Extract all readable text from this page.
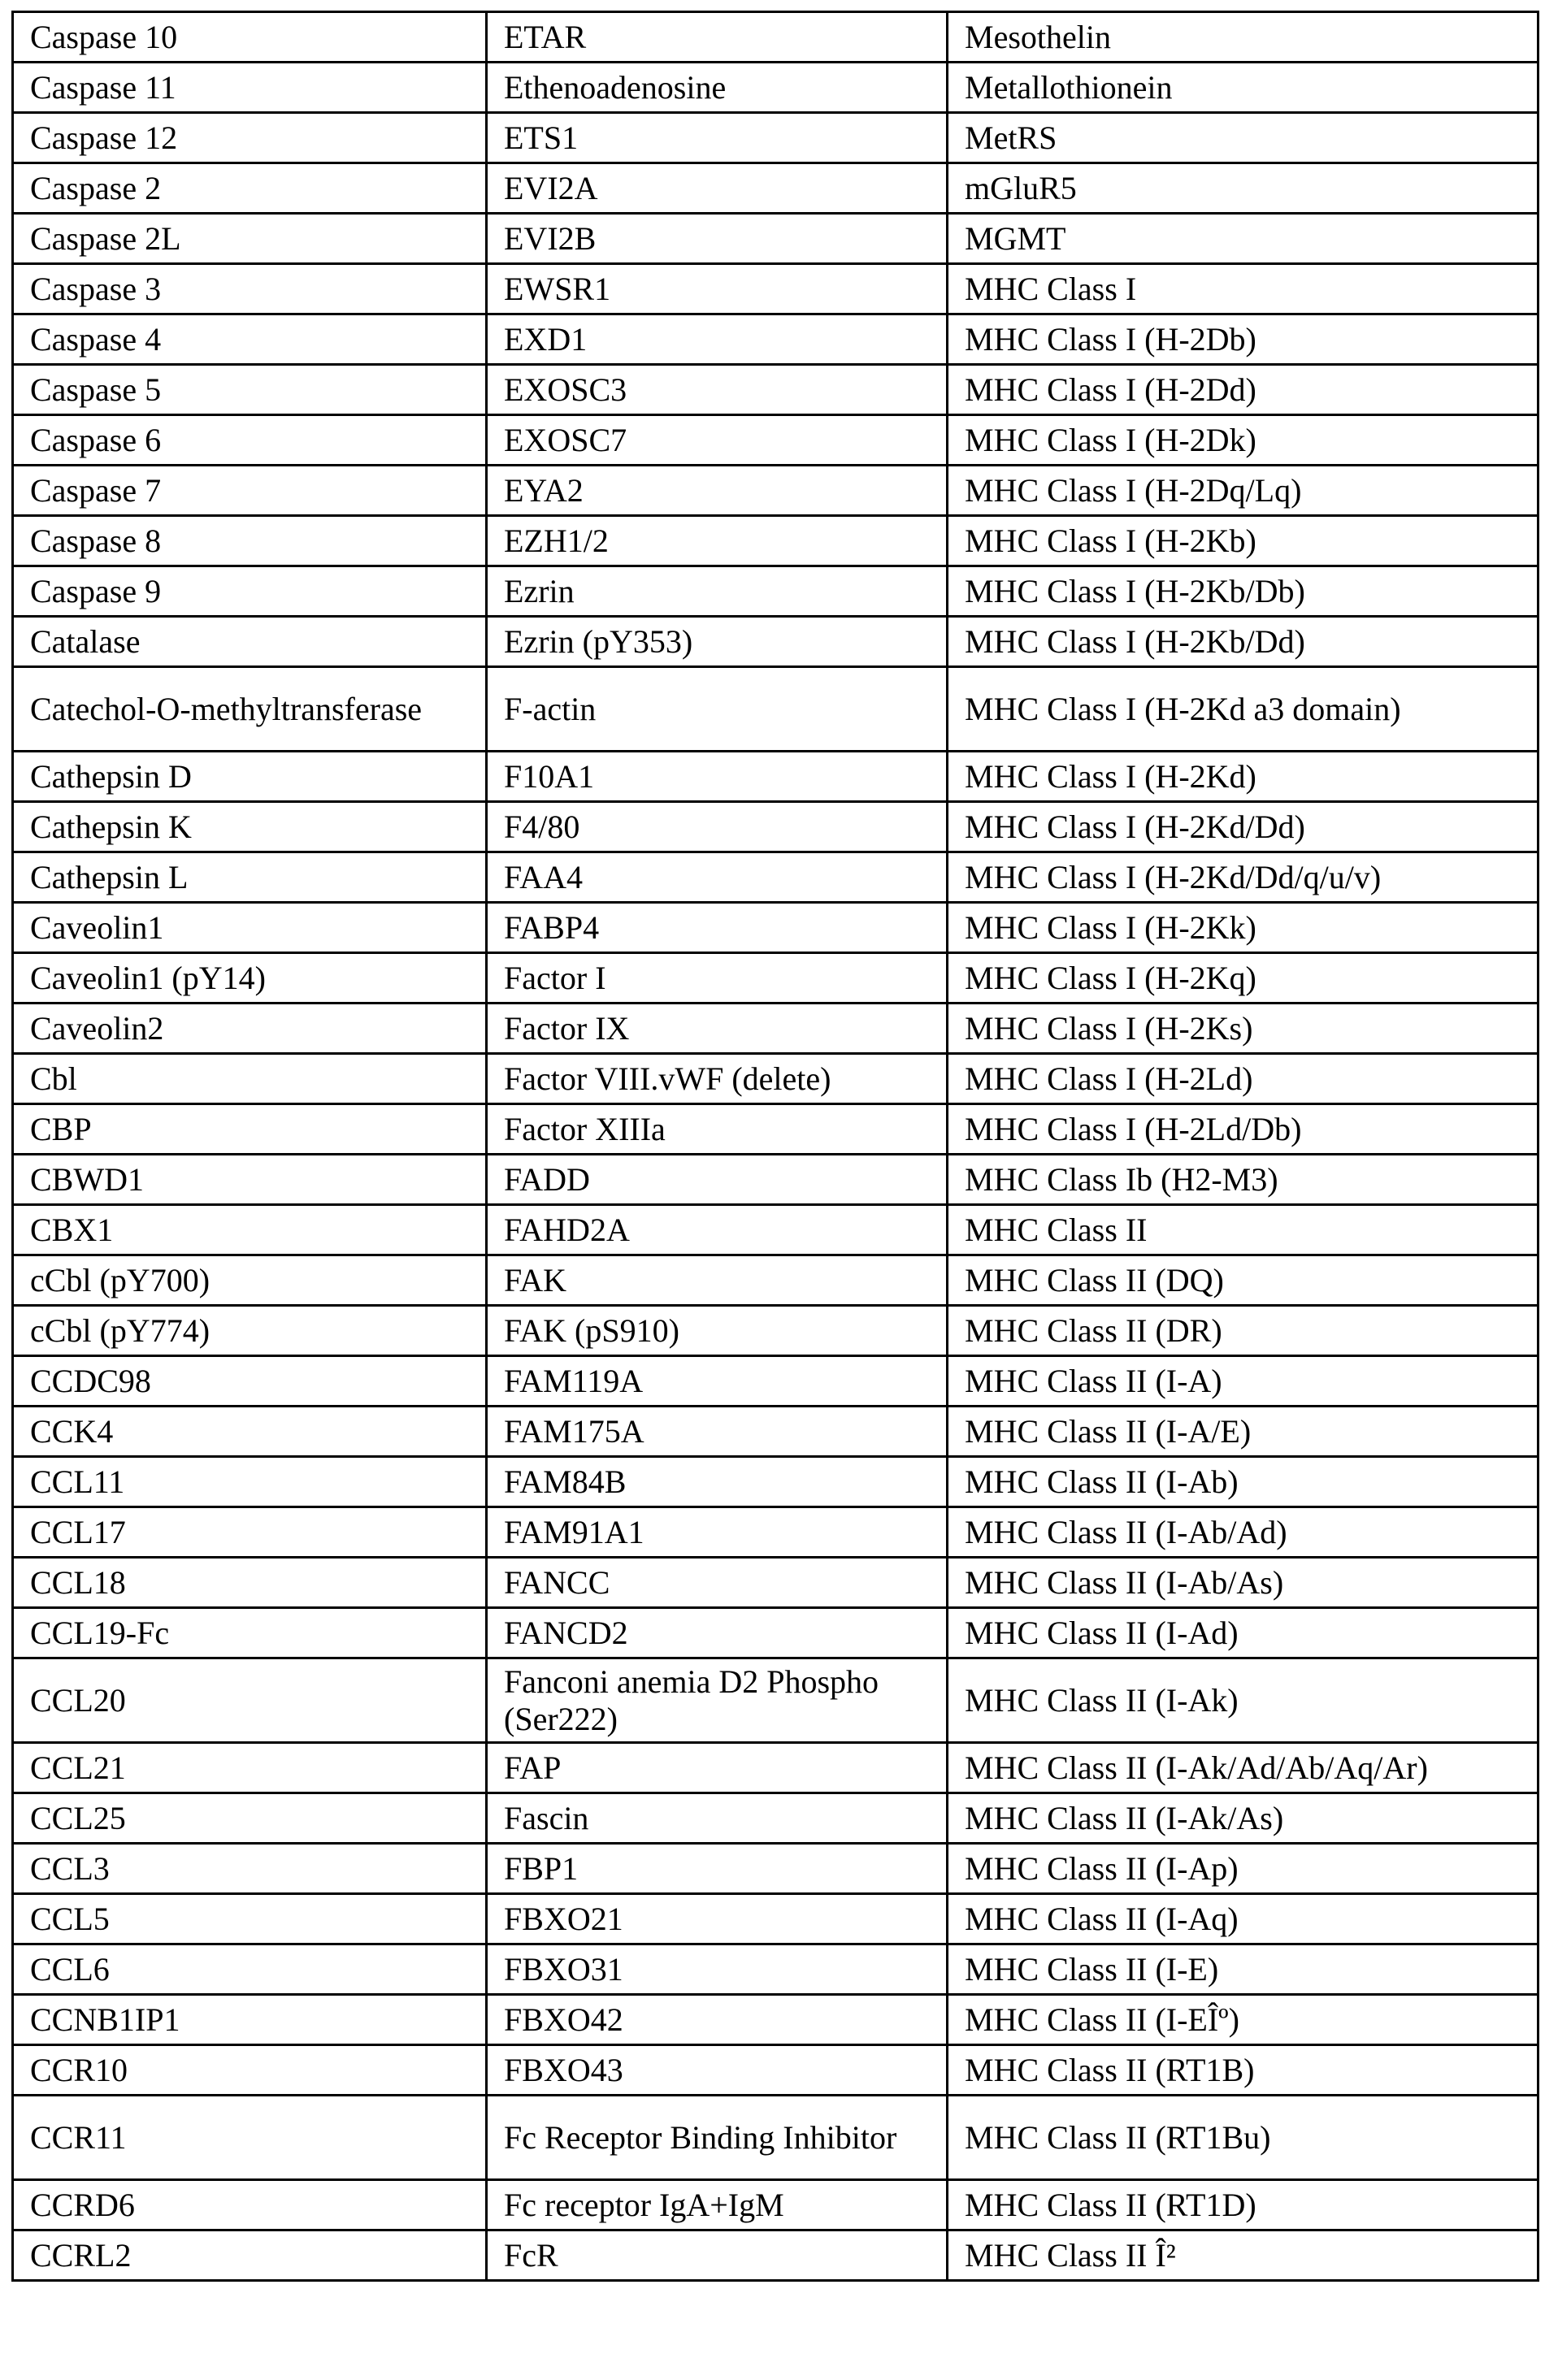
Caspase 10	ETAR	Mesothelin
Caspase 11	Ethenoadenosine	Metallothionein
Caspase 12	ETS1	MetRS
Caspase 2	EVI2A	mGluR5
Caspase 2L	EVI2B	MGMT
Caspase 3	EWSR1	MHC Class I
Caspase 4	EXD1	MHC Class I (H-2Db)
Caspase 5	EXOSC3	MHC Class I (H-2Dd)
Caspase 6	EXOSC7	MHC Class I (H-2Dk)
Caspase 7	EYA2	MHC Class I (H-2Dq/Lq)
Caspase 8	EZH1/2	MHC Class I (H-2Kb)
Caspase 9	Ezrin	MHC Class I (H-2Kb/Db)
Catalase	Ezrin (pY353)	MHC Class I (H-2Kb/Dd)
Catechol-O-methyltransferase	F-actin	MHC Class I (H-2Kd a3 domain)
Cathepsin D	F10A1	MHC Class I (H-2Kd)
Cathepsin K	F4/80	MHC Class I (H-2Kd/Dd)
Cathepsin L	FAA4	MHC Class I (H-2Kd/Dd/q/u/v)
Caveolin1	FABP4	MHC Class I (H-2Kk)
Caveolin1 (pY14)	Factor I	MHC Class I (H-2Kq)
Caveolin2	Factor IX	MHC Class I (H-2Ks)
Cbl	Factor VIII.vWF (delete)	MHC Class I (H-2Ld)
CBP	Factor XIIIa	MHC Class I (H-2Ld/Db)
CBWD1	FADD	MHC Class Ib (H2-M3)
CBX1	FAHD2A	MHC Class II
cCbl (pY700)	FAK	MHC Class II (DQ)
cCbl (pY774)	FAK (pS910)	MHC Class II (DR)
CCDC98	FAM119A	MHC Class II (I-A)
CCK4	FAM175A	MHC Class II (I-A/E)
CCL11	FAM84B	MHC Class II (I-Ab)
CCL17	FAM91A1	MHC Class II (I-Ab/Ad)
CCL18	FANCC	MHC Class II (I-Ab/As)
CCL19-Fc	FANCD2	MHC Class II (I-Ad)
CCL20	Fanconi anemia D2 Phospho (Ser222)	MHC Class II (I-Ak)
CCL21	FAP	MHC Class II (I-Ak/Ad/Ab/Aq/Ar)
CCL25	Fascin	MHC Class II (I-Ak/As)
CCL3	FBP1	MHC Class II (I-Ap)
CCL5	FBXO21	MHC Class II (I-Aq)
CCL6	FBXO31	MHC Class II (I-E)
CCNB1IP1	FBXO42	MHC Class II (I-EÎº)
CCR10	FBXO43	MHC Class II (RT1B)
CCR11	Fc Receptor Binding Inhibitor	MHC Class II (RT1Bu)
CCRD6	Fc receptor IgA+IgM	MHC Class II (RT1D)
CCRL2	FcR	MHC Class II Î²
